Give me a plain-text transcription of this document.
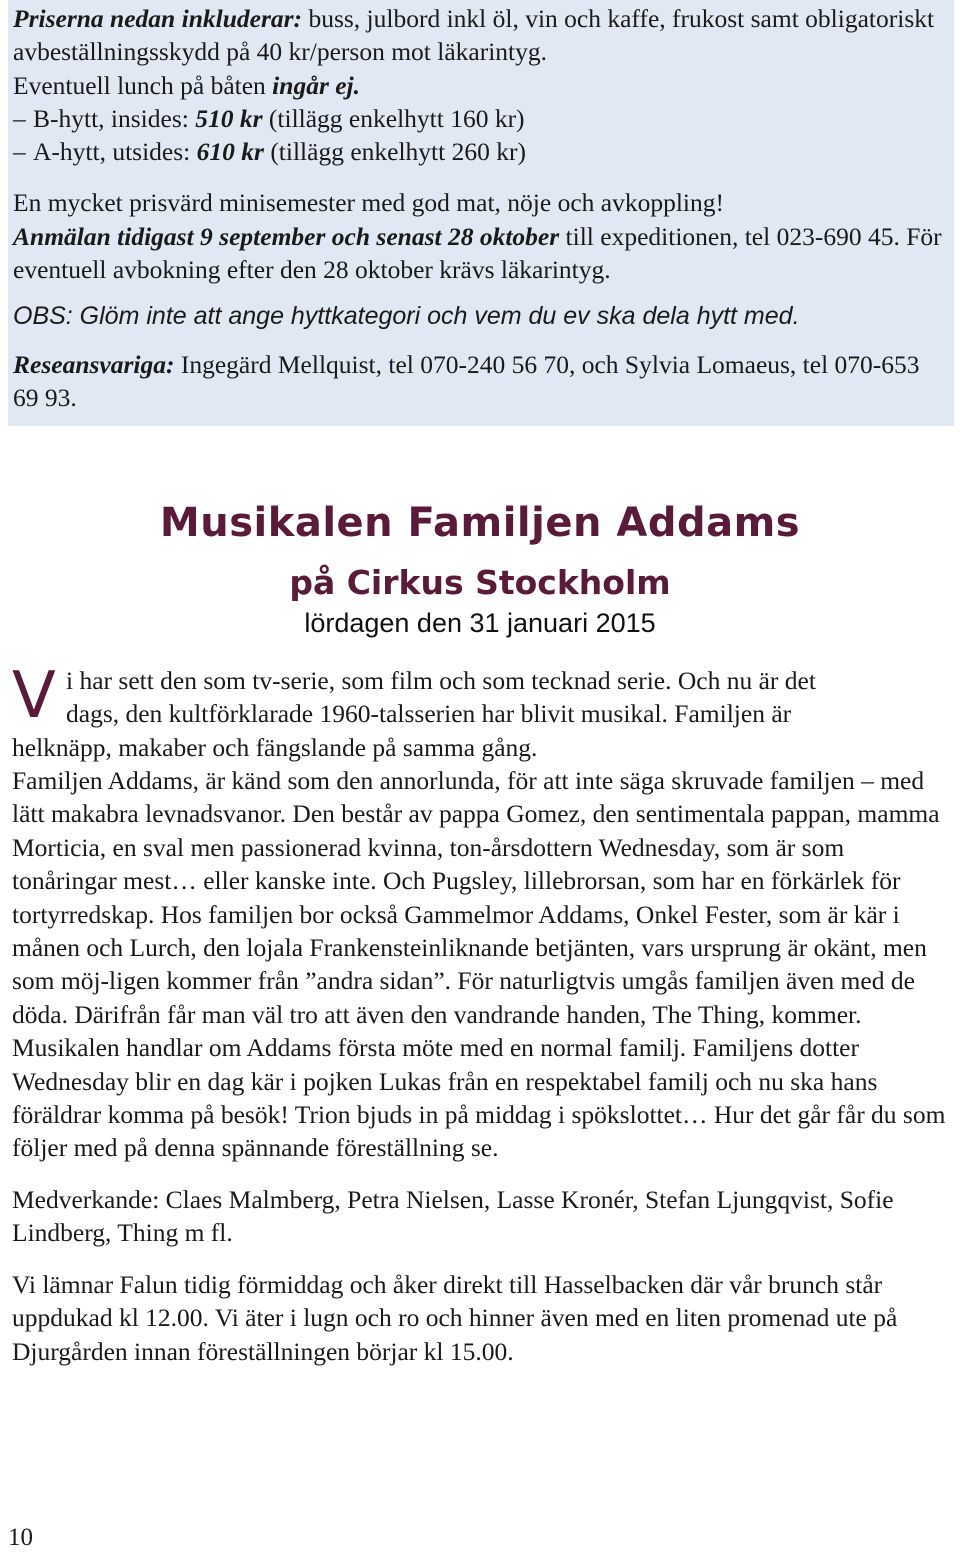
Priserna nedan inkluderar: buss, julbord inkl öl, vin och kaffe, frukost samt obligatoriskt avbeställningsskydd på 40 kr/person mot läkarintyg.

Eventuell lunch på båten ingår ej.

– B-hytt, insides: 510 kr (tillägg enkelhytt 160 kr)

– A-hytt, utsides: 610 kr (tillägg enkelhytt 260 kr)

En mycket prisvärd minisemester med god mat, nöje och avkoppling!

Anmälan tidigast 9 september och senast 28 oktober till expeditionen, tel 023-690 45. För eventuell avbokning efter den 28 oktober krävs läkarintyg.

OBS: Glöm inte att ange hyttkategori och vem du ev ska dela hytt med.

Reseansvariga: Ingegärd Mellquist, tel 070-240 56 70, och Sylvia Lomaeus, tel 070-653 69 93.

Musikalen Familjen Addams
på Cirkus Stockholm
lördagen den 31 januari 2015
V i har sett den som tv-serie, som film och som tecknad serie. Och nu är det
dags, den kultförklarade 1960-talsserien har blivit musikal. Familjen är
helknäpp, makaber och fängslande på samma gång.

Familjen Addams, är känd som den annorlunda, för att inte säga skruvade familjen – med lätt makabra levnadsvanor. Den består av pappa Gomez, den sentimentala pappan, mamma Morticia, en sval men passionerad kvinna, ton-årsdottern Wednesday, som är som tonåringar mest… eller kanske inte. Och Pugsley, lillebrorsan, som har en förkärlek för tortyrredskap. Hos familjen bor också Gammelmor Addams, Onkel Fester, som är kär i månen och Lurch, den lojala Frankensteinliknande betjänten, vars ursprung är okänt, men som möj-ligen kommer från ”andra sidan”. För naturligtvis umgås familjen även med de döda. Därifrån får man väl tro att även den vandrande handen, The Thing, kommer.

Musikalen handlar om Addams första möte med en normal familj. Familjens dotter Wednesday blir en dag kär i pojken Lukas från en respektabel familj och nu ska hans föräldrar komma på besök! Trion bjuds in på middag i spökslottet… Hur det går får du som följer med på denna spännande föreställning se.

Medverkande: Claes Malmberg, Petra Nielsen, Lasse Kronér, Stefan Ljungqvist, Sofie Lindberg, Thing m fl.

Vi lämnar Falun tidig förmiddag och åker direkt till Hasselbacken där vår brunch står uppdukad kl 12.00. Vi äter i lugn och ro och hinner även med en liten promenad ute på Djurgården innan föreställningen börjar kl 15.00.

10
